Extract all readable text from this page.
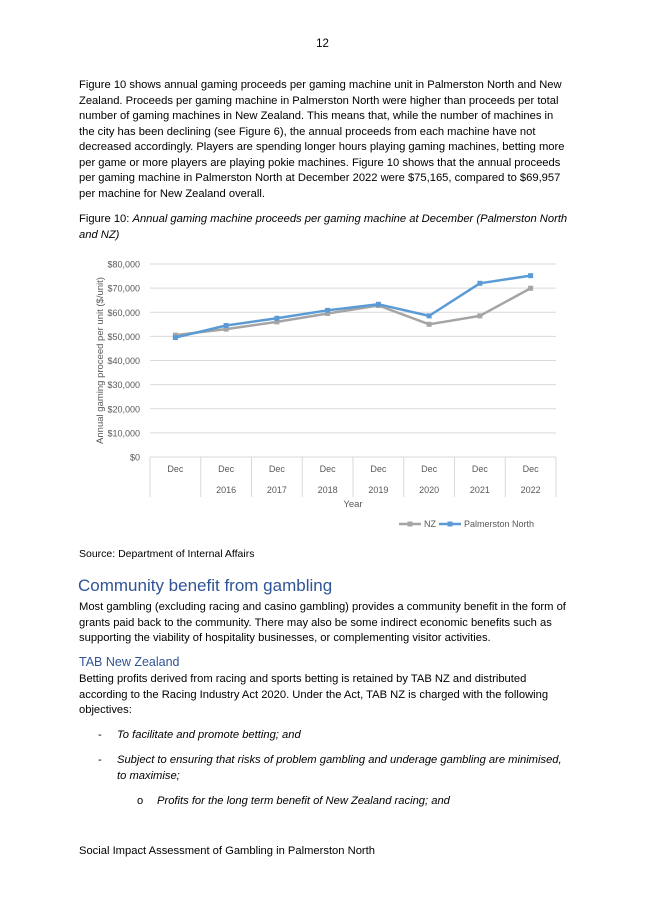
12

Figure 10 shows annual gaming proceeds per gaming machine unit in Palmerston North and New Zealand. Proceeds per gaming machine in Palmerston North were higher than proceeds per total number of gaming machines in New Zealand. This means that, while the number of machines in the city has been declining (see Figure 6), the annual proceeds from each machine have not decreased accordingly. Players are spending longer hours playing gaming machines, betting more per game or more players are playing pokie machines. Figure 10 shows that the annual proceeds per gaming machine in Palmerston North at December 2022 were $75,165, compared to $69,957 per machine for New Zealand overall.

Figure 10: Annual gaming machine proceeds per gaming machine at December (Palmerston North and NZ)

$0
$10,000
$20,000
$30,000
$40,000
$50,000
$60,000
$70,000
$80,000
Dec	Dec
2016
Dec
2017
Dec
2018
Dec
2019
Dec
2020
Dec
2021
Dec
2022
Year
Annual gaming proceed per unit ($/unit)
NZ	Palmerston North

Source: Department of Internal Affairs

Community benefit from gambling

Most gambling (excluding racing and casino gambling) provides a community benefit in the form of grants paid back to the community. There may also be some indirect economic benefits such as supporting the viability of hospitality businesses, or complementing visitor activities.

TAB New Zealand

Betting profits derived from racing and sports betting is retained by TAB NZ and distributed according to the Racing Industry Act 2020. Under the Act, TAB NZ is charged with the following objectives:

- To facilitate and promote betting; and

- Subject to ensuring that risks of problem gambling and underage gambling are minimised, to maximise;

o Profits for the long term benefit of New Zealand racing; and

Social Impact Assessment of Gambling in Palmerston North
